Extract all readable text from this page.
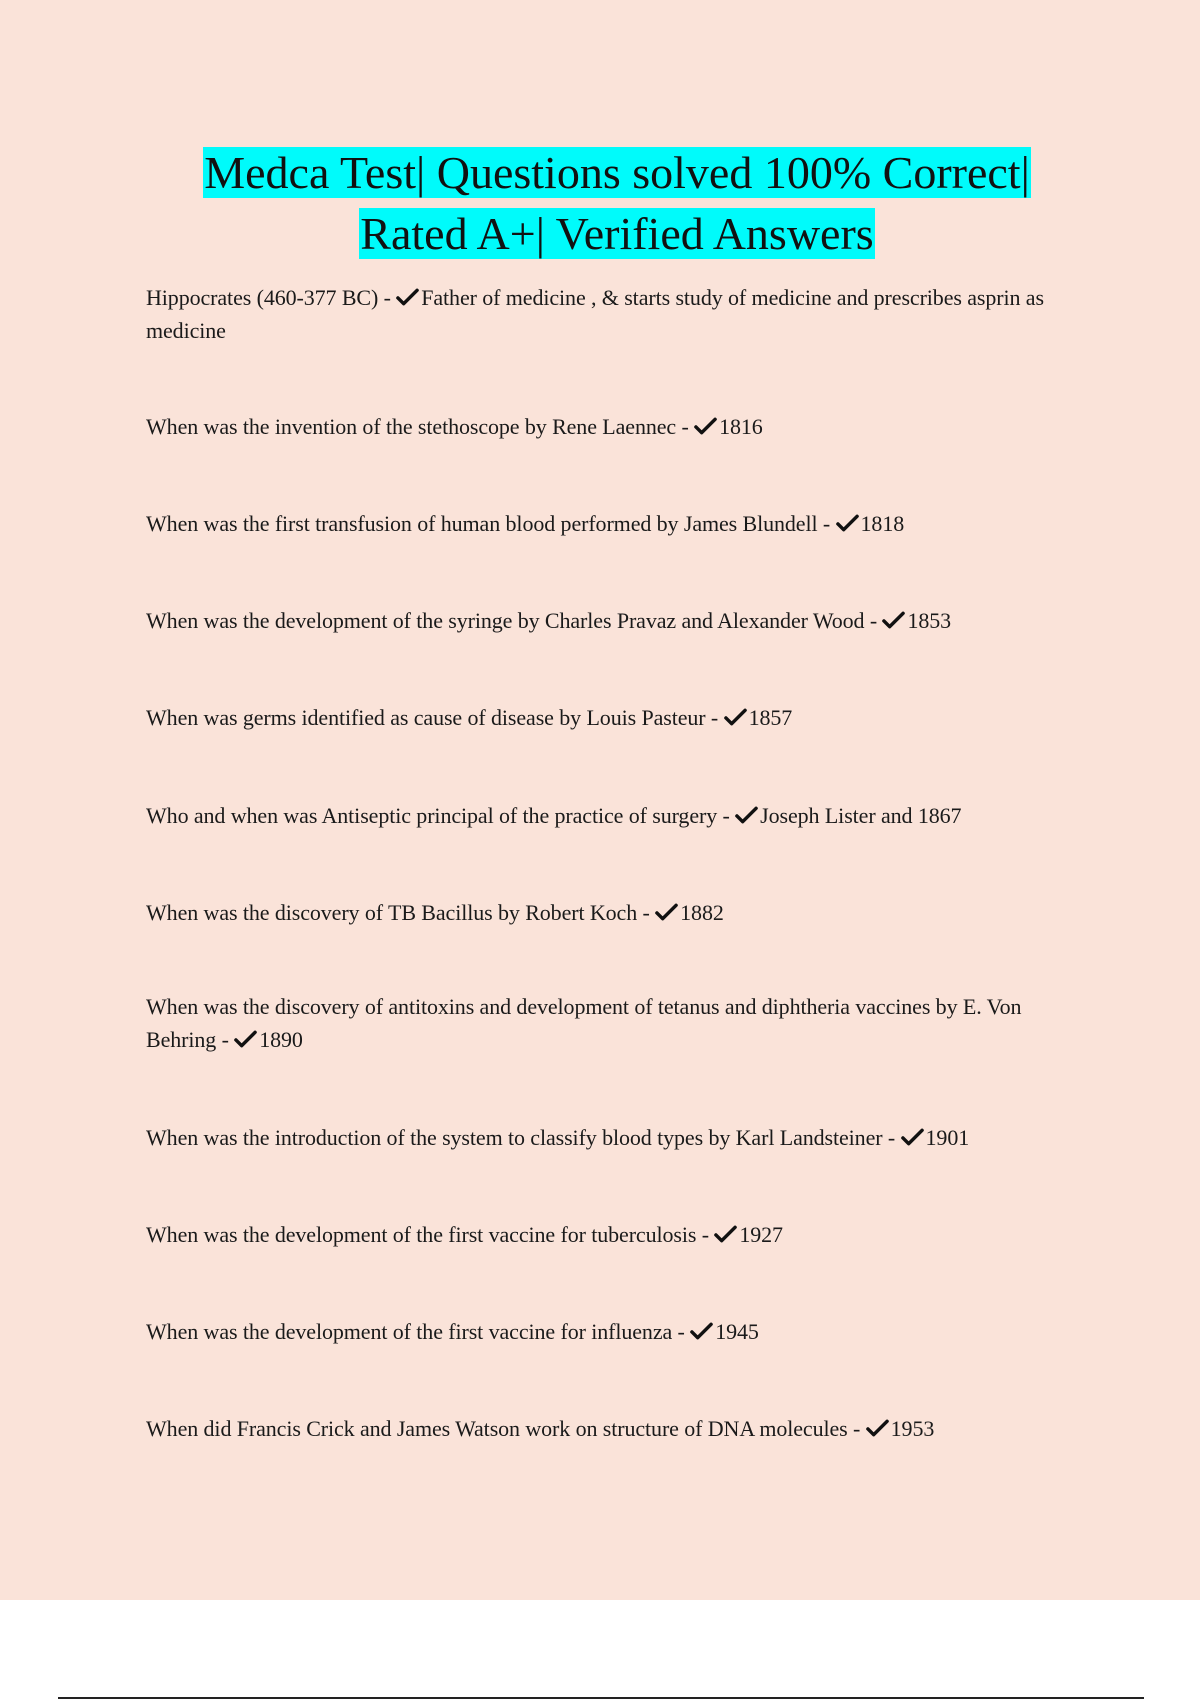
Medca Test| Questions solved 100% Correct|
Rated A+| Verified Answers
Hippocrates (460-377 BC) -
Father of medicine , & starts study of medicine and prescribes asprin as medicine
When was the invention of the stethoscope by Rene Laennec -
1816
When was the first transfusion of human blood performed by James Blundell -
1818
When was the development of the syringe by Charles Pravaz and Alexander Wood -
1853
When was germs identified as cause of disease by Louis Pasteur -
1857
Who and when was Antiseptic principal of the practice of surgery -
Joseph Lister and 1867
When was the discovery of TB Bacillus by Robert Koch -
1882
When was the discovery of antitoxins and development of tetanus and diphtheria vaccines by E. Von Behring -
1890
When was the introduction of the system to classify blood types by Karl Landsteiner -
1901
When was the development of the first vaccine for tuberculosis -
1927
When was the development of the first vaccine for influenza -
1945
When did Francis Crick and James Watson work on structure of DNA molecules -
1953
